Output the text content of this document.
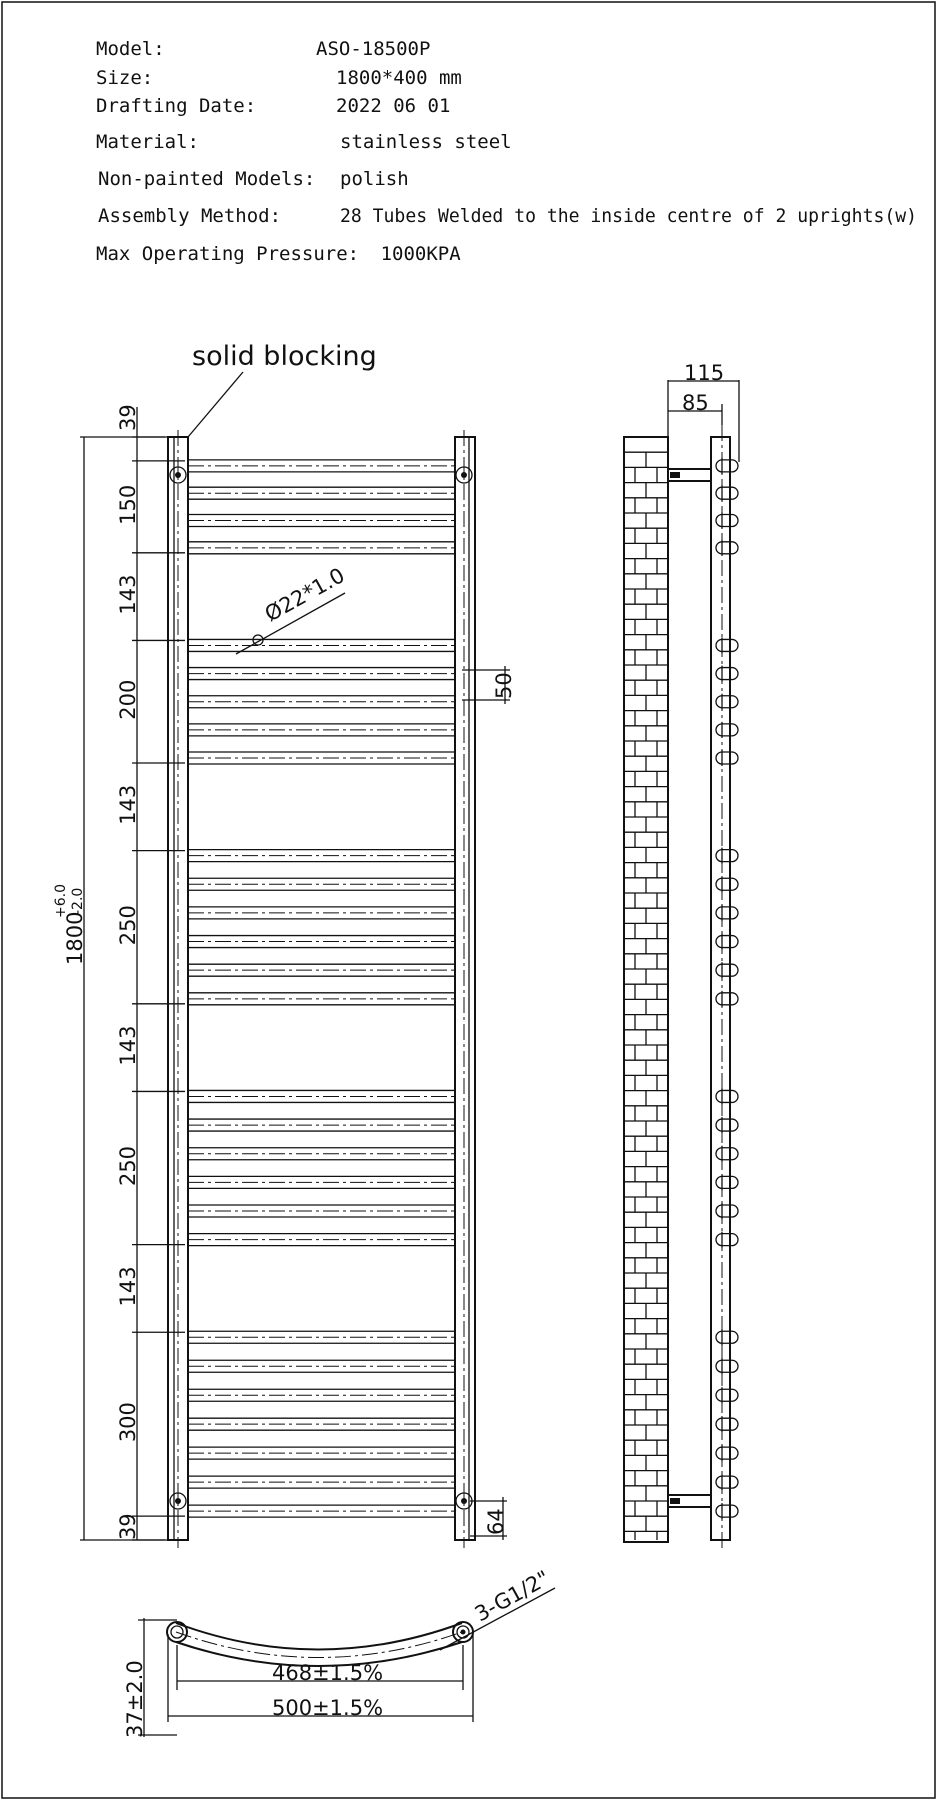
Model:	ASO-18500P
Size:	1800*400 mm
Drafting Date:	2022 06 01
Material:	stainless steel
Non-painted Models: polish
Assembly Method:	28 Tubes Welded to the inside centre of 2 uprights(w)
Max Operating Pressure: 1000KPA
solid blocking
Ø22*1.0
50
64
1800
+6.0 -2.0
39
150
143
200
143
250
143
250
143
300
39
115
85
3-G1/2"
468±1.5%
500±1.5%
37±2.0
